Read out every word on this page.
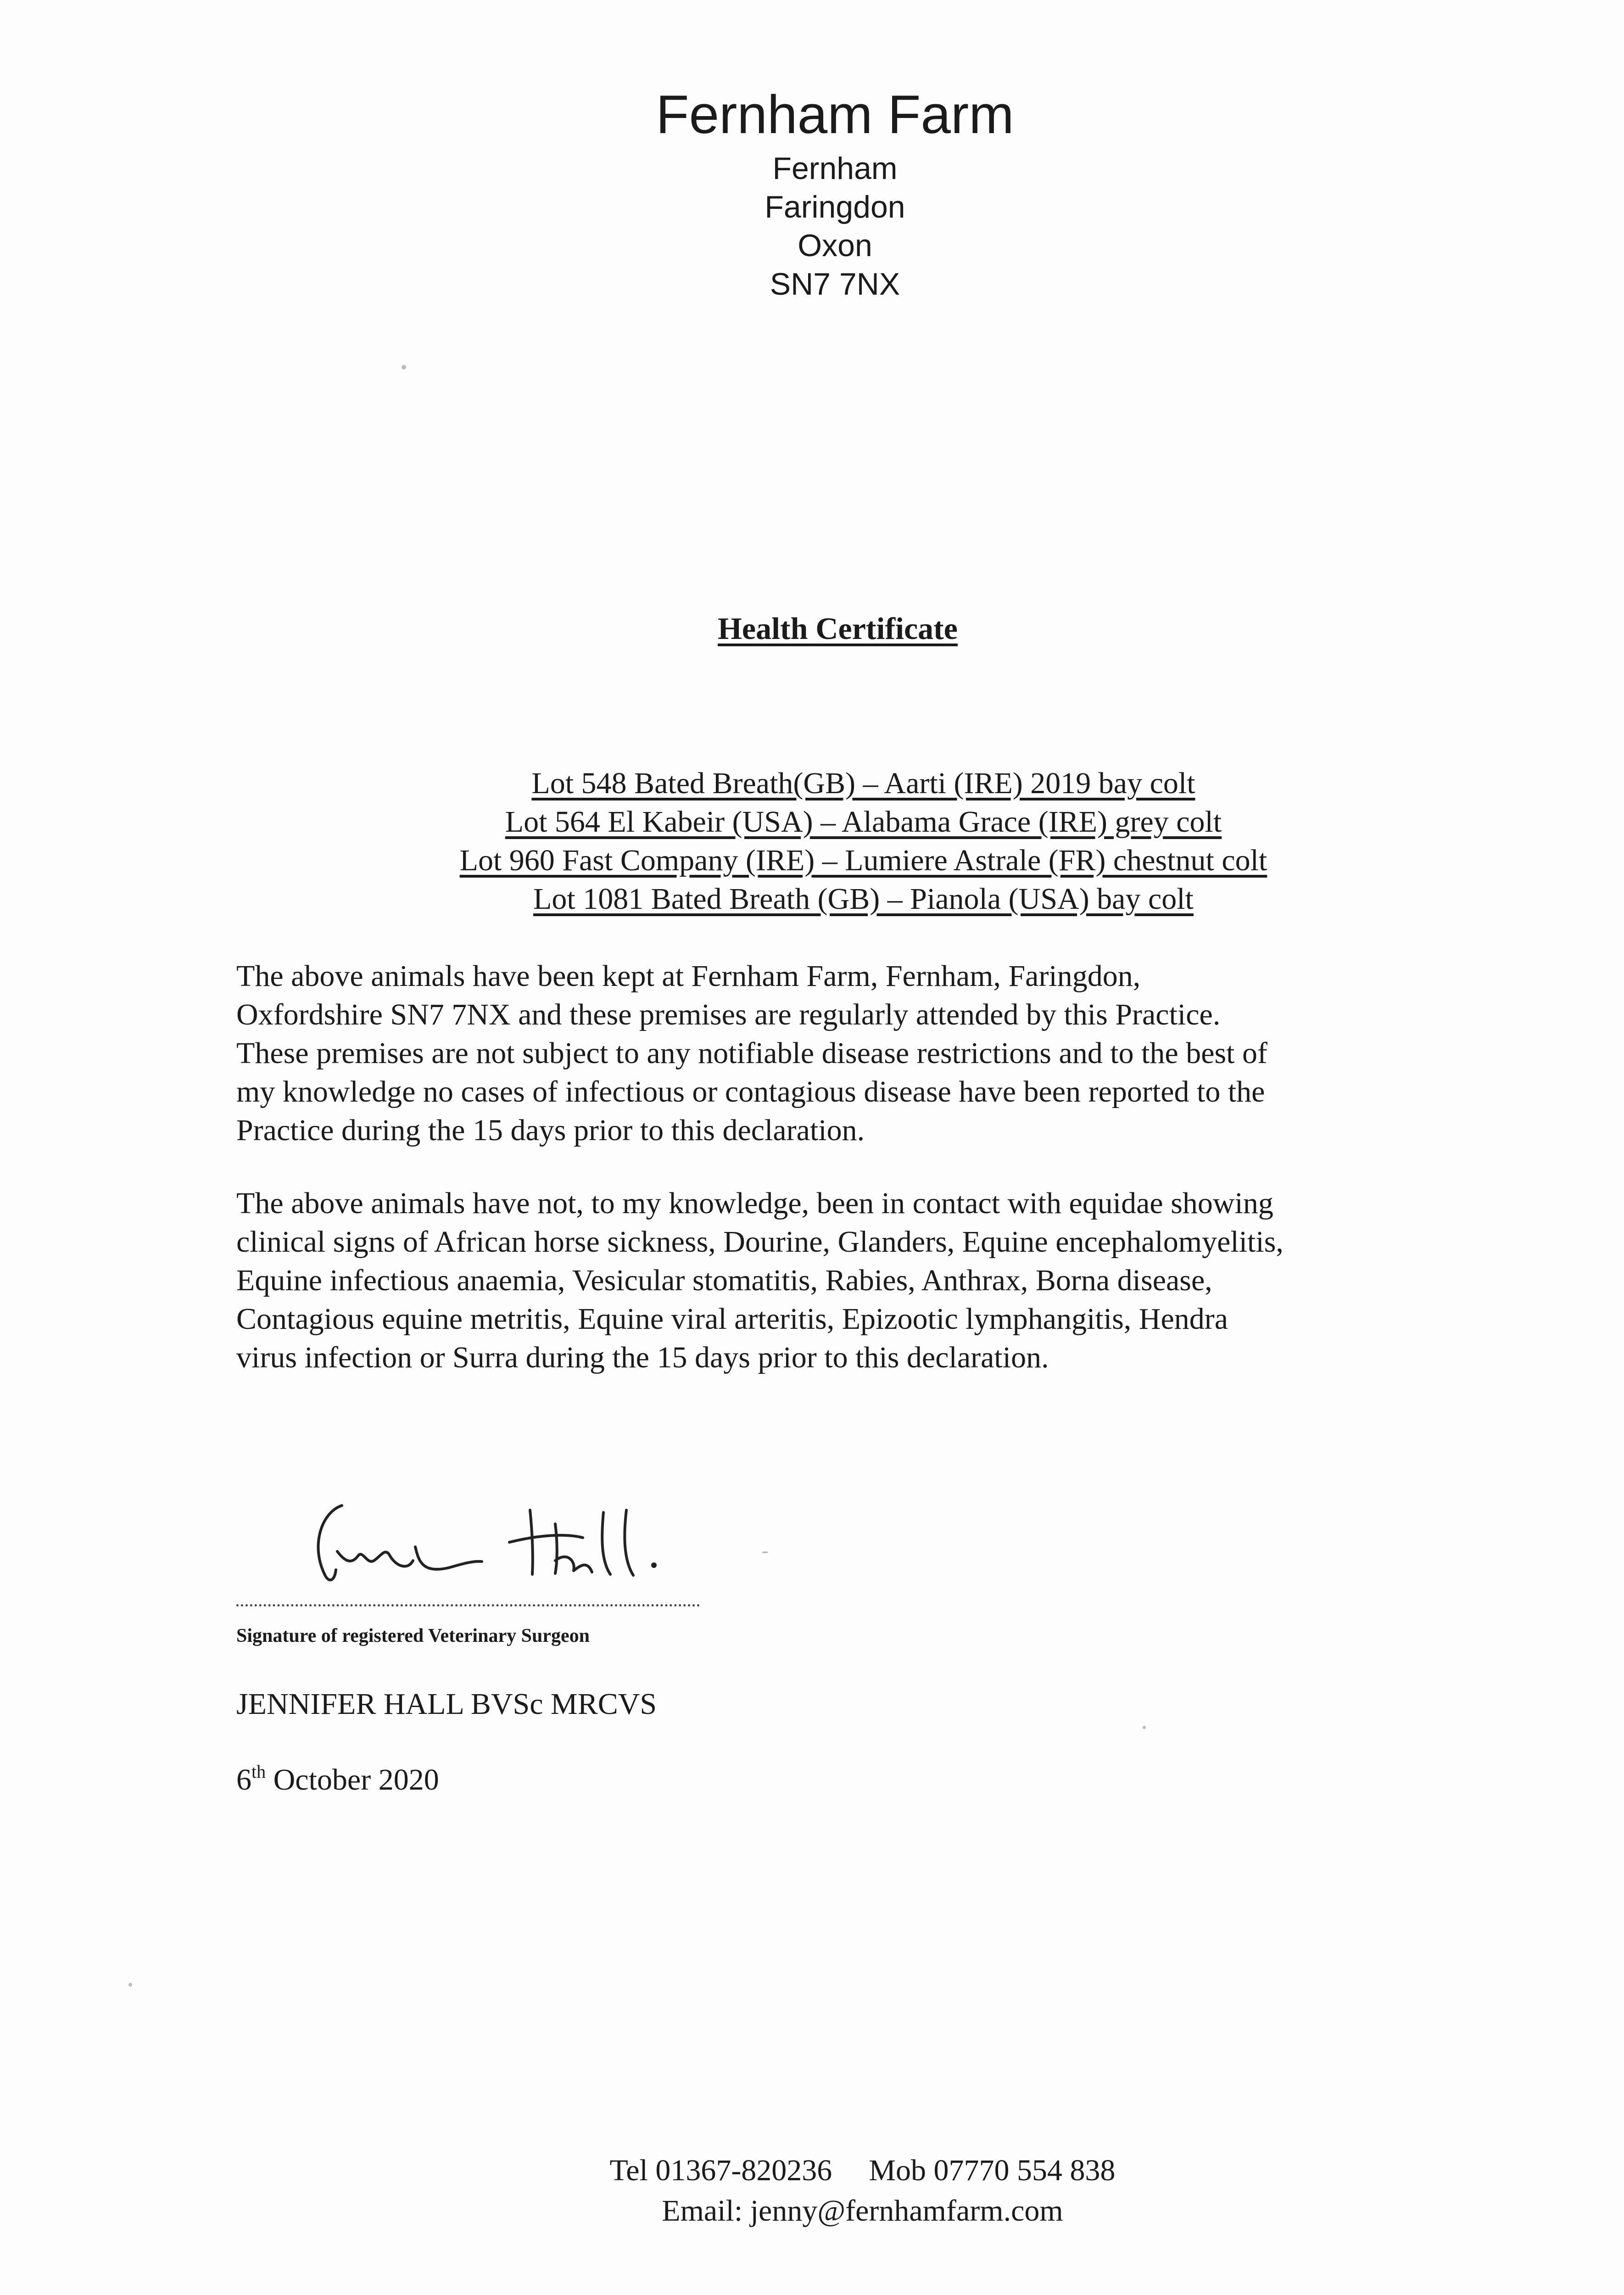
Fernham Farm
Fernham
Faringdon
Oxon
SN7 7NX
Health Certificate
Lot 548 Bated Breath(GB) – Aarti (IRE) 2019 bay colt
Lot 564 El Kabeir (USA) – Alabama Grace (IRE) grey colt
Lot 960 Fast Company (IRE) – Lumiere Astrale (FR) chestnut colt
Lot 1081 Bated Breath (GB) – Pianola (USA) bay colt

The above animals have been kept at Fernham Farm, Fernham, Faringdon,

Oxfordshire SN7 7NX and these premises are regularly attended by this Practice.

These premises are not subject to any notifiable disease restrictions and to the best of

my knowledge no cases of infectious or contagious disease have been reported to the

Practice during the 15 days prior to this declaration.

The above animals have not, to my knowledge, been in contact with equidae showing

clinical signs of African horse sickness, Dourine, Glanders, Equine encephalomyelitis,

Equine infectious anaemia, Vesicular stomatitis, Rabies, Anthrax, Borna disease,

Contagious equine metritis, Equine viral arteritis, Epizootic lymphangitis, Hendra

virus infection or Surra during the 15 days prior to this declaration.

Signature of registered Veterinary Surgeon
JENNIFER HALL BVSc MRCVS
6th October 2020
Tel 01367-820236 Mob 07770 554 838
Email: jenny@fernhamfarm.com
